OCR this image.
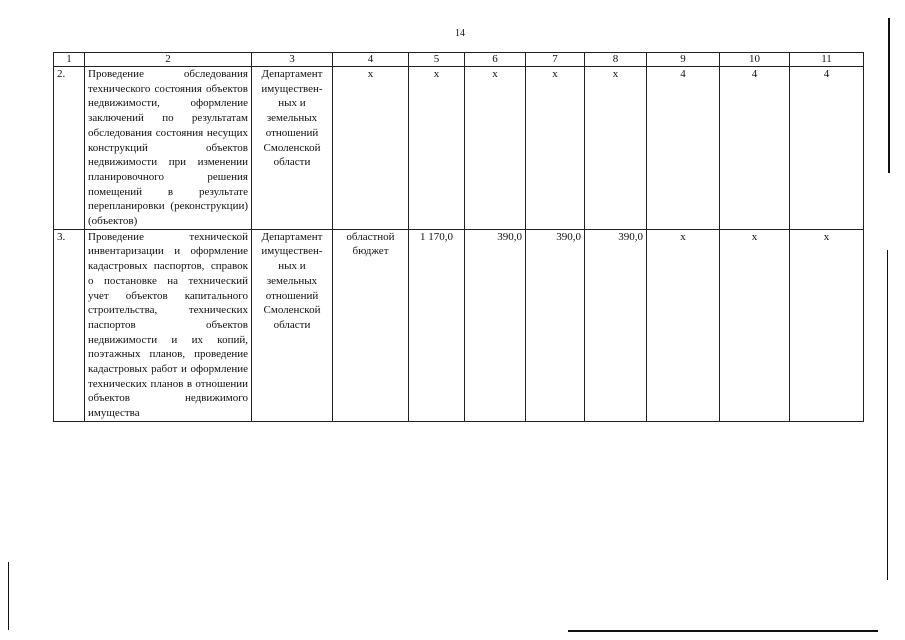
14
1	2	3	4	5	6	7	8	9	10	11
2.	Проведение обследования технического состояния объектов недвижимости, оформление заключений по результатам обследования состояния несущих конструкций объектов недвижимости при изменении планировочного решения помещений в результате перепланировки (реконструкции) (объектов)	Департамент имуществен-ных и земельных отношений Смоленской области	х	х	х	х	х	4	4	4
3.	Проведение технической инвентаризации и оформление кадастровых паспортов, справок о постановке на технический учет объектов капитального строительства, технических паспортов объектов недвижимости и их копий, поэтажных планов, проведение кадастровых работ и оформление технических планов в отношении объектов недвижимого имущества	Департамент имуществен-ных и земельных отношений Смоленской области	областной бюджет	1 170,0	390,0	390,0	390,0	х	х	х
